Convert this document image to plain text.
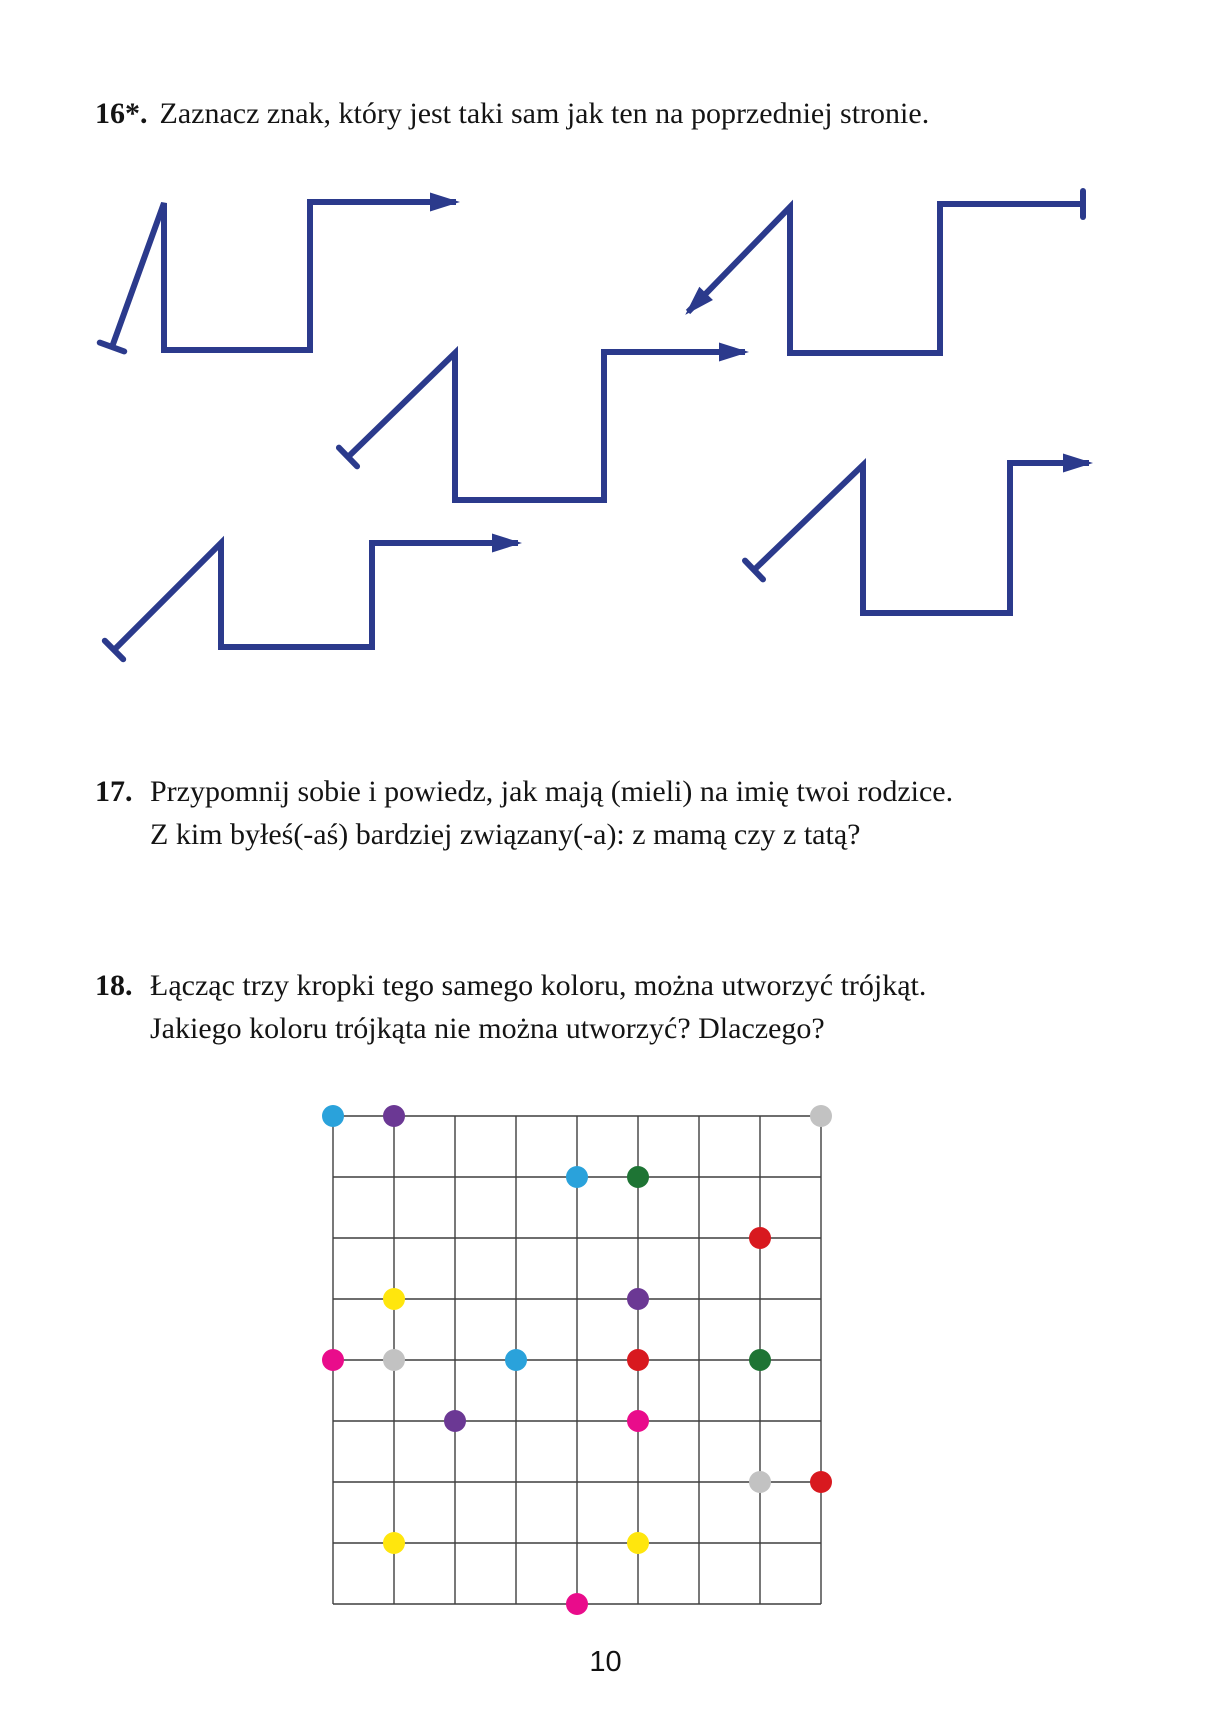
16*. Zaznacz znak, który jest taki sam jak ten na poprzedniej stronie.
17. Przypomnij sobie i powiedz, jak mają (mieli) na imię twoi rodzice.
Z kim byłeś(-aś) bardziej związany(-a): z mamą czy z tatą?
18. Łącząc trzy kropki tego samego koloru, można utworzyć trójkąt.
Jakiego koloru trójkąta nie można utworzyć? Dlaczego?
10
